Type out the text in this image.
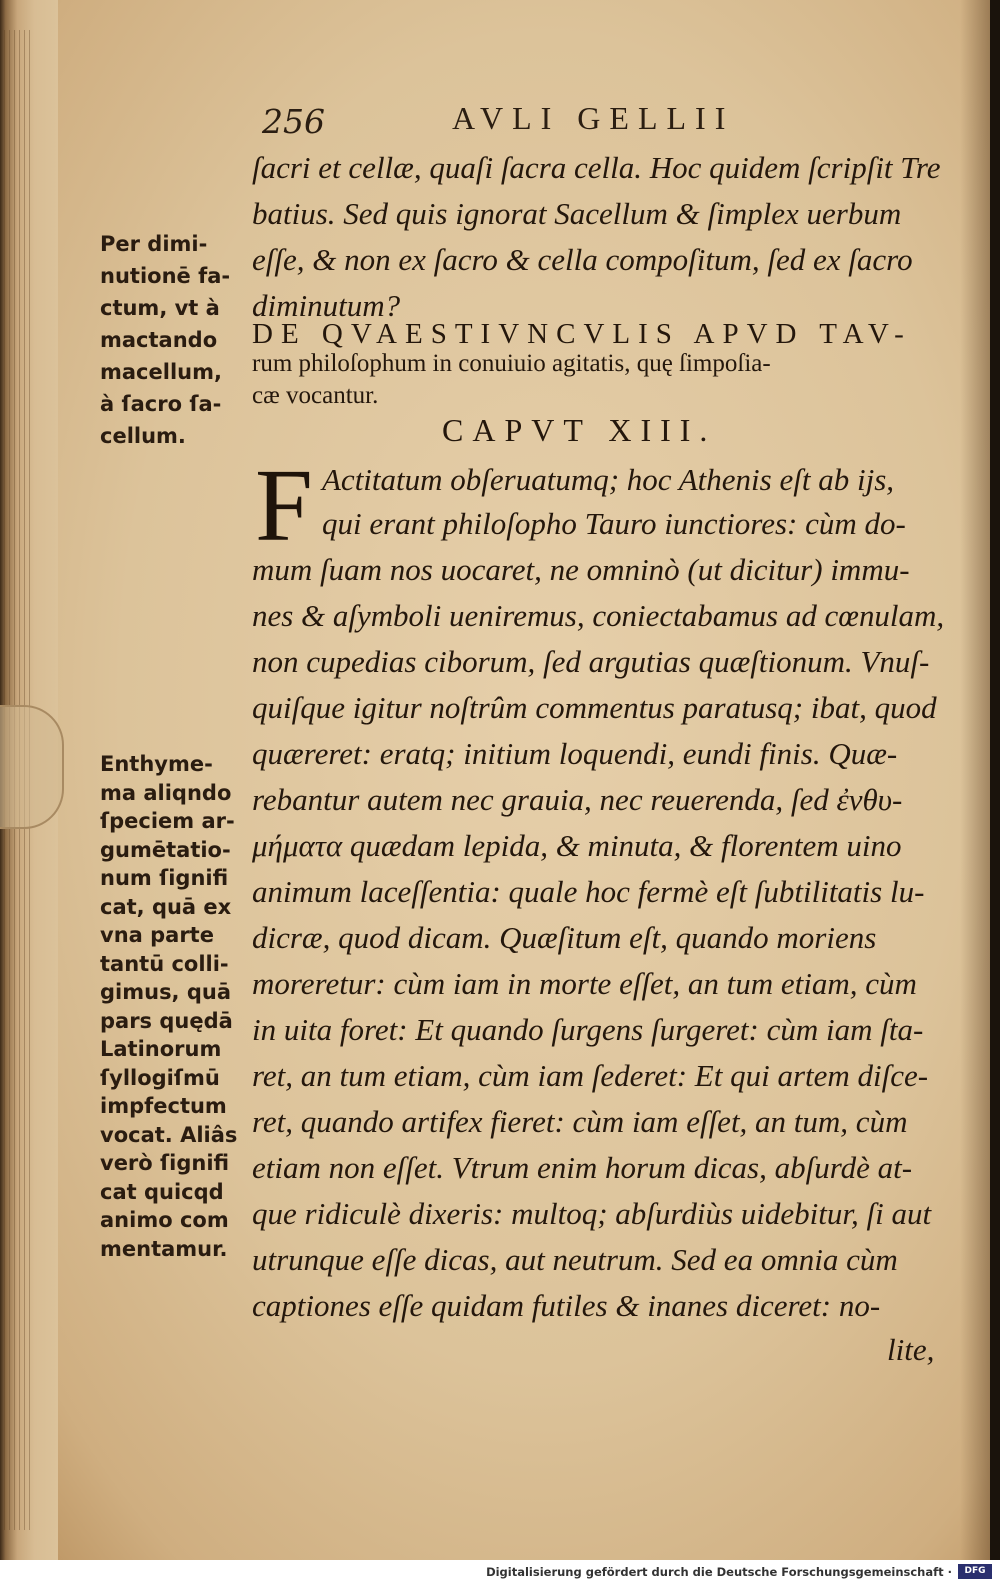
256	AVLI GELLII
ſacri et cellæ, quaſi ſacra cella. Hoc quidem ſcripſit Tre
batius. Sed quis ignorat Sacellum & ſimplex uerbum
eſſe, & non ex ſacro & cella compoſitum, ſed ex ſacro
diminutum?
DE QVAESTIVNCVLIS APVD TAV-
rum philoſophum in conuiuio agitatis, quę ſimpoſia-
cæ vocantur.
CAPVT XIII.
Actitatum obſeruatumq; hoc Athenis eſt ab ijs,
qui erant philoſopho Tauro iunctiores: cùm do-
mum ſuam nos uocaret, ne omninò (ut dicitur) immu-
nes & aſymboli ueniremus, coniectabamus ad cœnulam,
non cupedias ciborum, ſed argutias quæſtionum. Vnuſ-
quiſque igitur noſtrûm commentus paratusq; ibat, quod
quæreret: eratq; initium loquendi, eundi finis. Quæ-
rebantur autem nec grauia, nec reuerenda, ſed ἐνθυ-
μήματα quædam lepida, & minuta, & florentem uino
animum laceſſentia: quale hoc fermè eſt ſubtilitatis lu-
dicræ, quod dicam. Quæſitum eſt, quando moriens
moreretur: cùm iam in morte eſſet, an tum etiam, cùm
in uita foret: Et quando ſurgens ſurgeret: cùm iam ſta-
ret, an tum etiam, cùm iam ſederet: Et qui artem diſce-
ret, quando artifex fieret: cùm iam eſſet, an tum, cùm
etiam non eſſet. Vtrum enim horum dicas, abſurdè at-
que ridiculè dixeris: multoq; abſurdiùs uidebitur, ſi aut
utrunque eſſe dicas, aut neutrum. Sed ea omnia cùm
captiones eſſe quidam futiles & inanes diceret: no-
lite,
F
Per dimi-
nutionē fa-
ctum, vt à
mactando
macellum,
à ſacro ſa-
cellum.
Enthyme-
ma aliqndo
ſpeciem ar-
gumētatio-
num ſignifi
cat, quā ex
vna parte
tantū colli-
gimus, quā
pars quędā
Latinorum
ſyllogiſmū
impfectum
vocat. Aliâs
verò ſignifi
cat quicqd
animo com
mentamur.
Digitalisierung gefördert durch die Deutsche Forschungsgemeinschaft ·	DFG
